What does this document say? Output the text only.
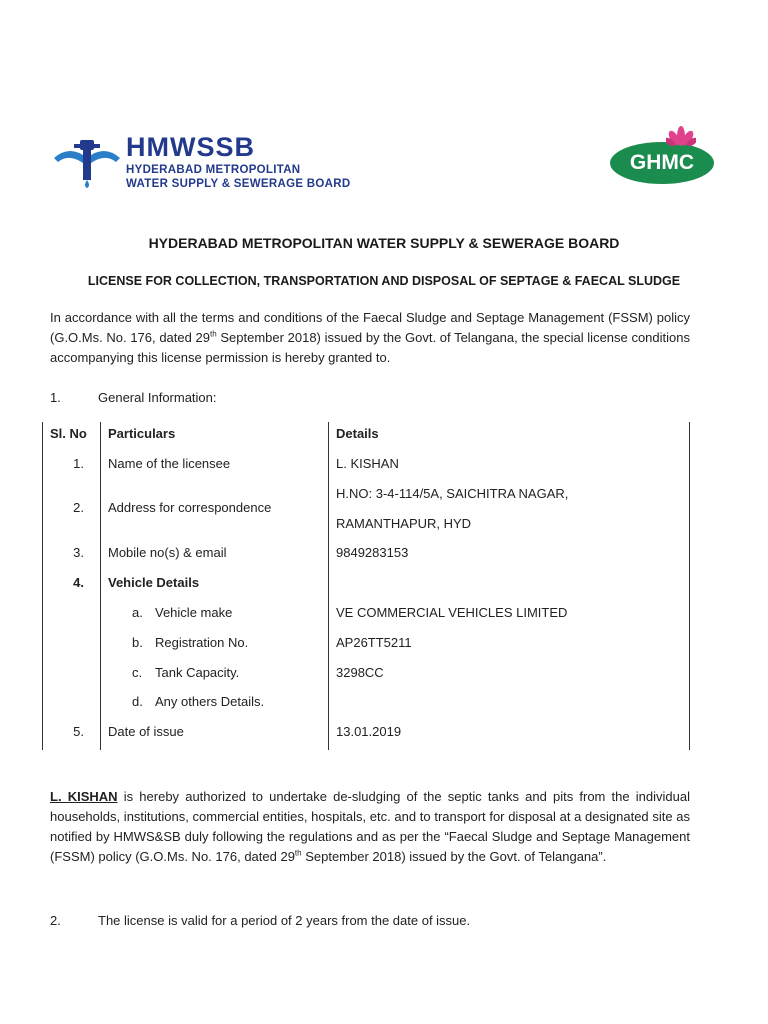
HMWSSB
HYDERABAD METROPOLITAN
WATER SUPPLY & SEWERAGE BOARD
GHMC
HYDERABAD METROPOLITAN WATER SUPPLY & SEWERAGE BOARD
LICENSE FOR COLLECTION, TRANSPORTATION AND DISPOSAL OF SEPTAGE & FAECAL SLUDGE
In accordance with all the terms and conditions of the Faecal Sludge and Septage Management (FSSM) policy (G.O.Ms. No. 176, dated 29th September 2018) issued by the Govt. of Telangana, the special license conditions accompanying this license permission is hereby granted to.
1.	General Information:
Sl. No Particulars	Details
1. Name of the licensee	L. KISHAN
2. Address for correspondence
H.NO: 3-4-114/5A, SAICHITRA NAGAR,
RAMANTHAPUR, HYD
3. Mobile no(s) & email	9849283153
4. Vehicle Details
a. Vehicle make	VE COMMERCIAL VEHICLES LIMITED
b. Registration No.	AP26TT5211
c. Tank Capacity.	3298CC
d. Any others Details.
5. Date of issue	13.01.2019
L. KISHAN is hereby authorized to undertake de-sludging of the septic tanks and pits from the individual households, institutions, commercial entities, hospitals, etc. and to transport for disposal at a designated site as notified by HMWS&SB duly following the regulations and as per the “Faecal Sludge and Septage Management (FSSM) policy (G.O.Ms. No. 176, dated 29th September 2018) issued by the Govt. of Telangana”.
2.	The license is valid for a period of 2 years from the date of issue.
